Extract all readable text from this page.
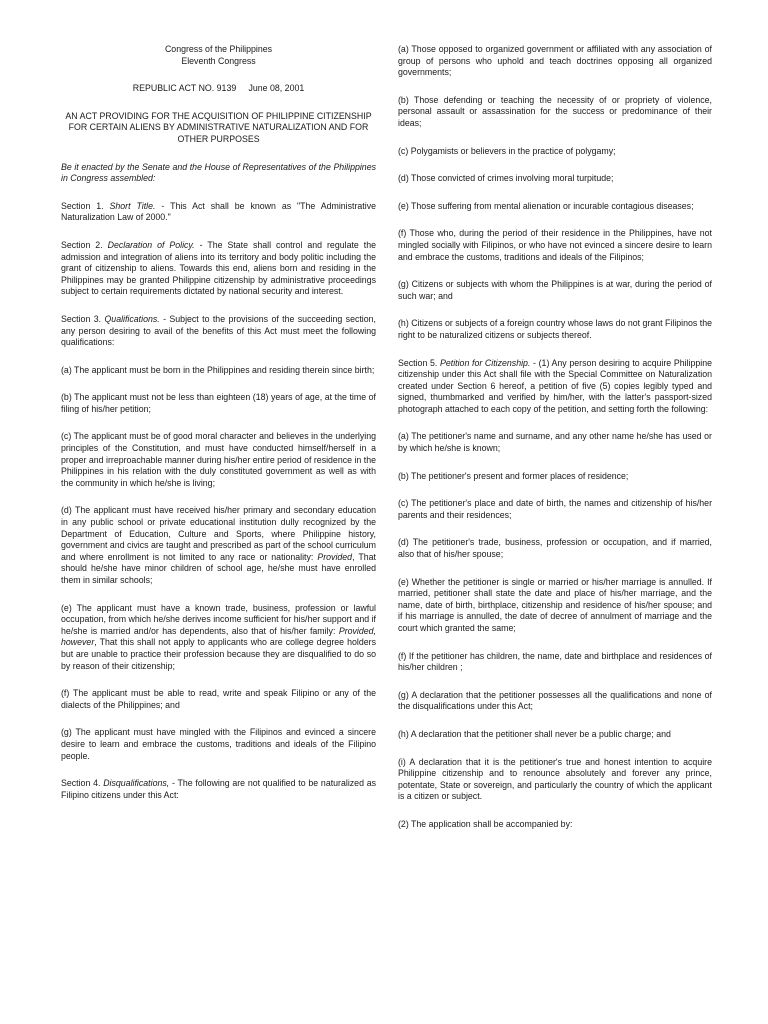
Congress of the Philippines

Eleventh Congress

REPUBLIC ACT NO. 9139 June 08, 2001

AN ACT PROVIDING FOR THE ACQUISITION OF PHILIPPINE CITIZENSHIP FOR CERTAIN ALIENS BY ADMINISTRATIVE NATURALIZATION AND FOR OTHER PURPOSES

Be it enacted by the Senate and the House of Representatives of the Philippines in Congress assembled:

Section 1. Short Title. - This Act shall be known as "The Administrative Naturalization Law of 2000."

Section 2. Declaration of Policy. - The State shall control and regulate the admission and integration of aliens into its territory and body politic including the grant of citizenship to aliens. Towards this end, aliens born and residing in the Philippines may be granted Philippine citizenship by administrative proceedings subject to certain requirements dictated by national security and interest.

Section 3. Qualifications. - Subject to the provisions of the succeeding section, any person desiring to avail of the benefits of this Act must meet the following qualifications:

(a) The applicant must be born in the Philippines and residing therein since birth;

(b) The applicant must not be less than eighteen (18) years of age, at the time of filing of his/her petition;

(c) The applicant must be of good moral character and believes in the underlying principles of the Constitution, and must have conducted himself/herself in a proper and irreproachable manner during his/her entire period of residence in the Philippines in his relation with the duly constituted government as well as with the community in which he/she is living;

(d) The applicant must have received his/her primary and secondary education in any public school or private educational institution dully recognized by the Department of Education, Culture and Sports, where Philippine history, government and civics are taught and prescribed as part of the school curriculum and where enrollment is not limited to any race or nationality: Provided, That should he/she have minor children of school age, he/she must have enrolled them in similar schools;

(e) The applicant must have a known trade, business, profession or lawful occupation, from which he/she derives income sufficient for his/her support and if he/she is married and/or has dependents, also that of his/her family: Provided, however, That this shall not apply to applicants who are college degree holders but are unable to practice their profession because they are disqualified to do so by reason of their citizenship;

(f) The applicant must be able to read, write and speak Filipino or any of the dialects of the Philippines; and

(g) The applicant must have mingled with the Filipinos and evinced a sincere desire to learn and embrace the customs, traditions and ideals of the Filipino people.

Section 4. Disqualifications, - The following are not qualified to be naturalized as Filipino citizens under this Act:

(a) Those opposed to organized government or affiliated with any association of group of persons who uphold and teach doctrines opposing all organized governments;

(b) Those defending or teaching the necessity of or propriety of violence, personal assault or assassination for the success or predominance of their ideas;

(c) Polygamists or believers in the practice of polygamy;

(d) Those convicted of crimes involving moral turpitude;

(e) Those suffering from mental alienation or incurable contagious diseases;

(f) Those who, during the period of their residence in the Philippines, have not mingled socially with Filipinos, or who have not evinced a sincere desire to learn and embrace the customs, traditions and ideals of the Filipinos;

(g) Citizens or subjects with whom the Philippines is at war, during the period of such war; and

(h) Citizens or subjects of a foreign country whose laws do not grant Filipinos the right to be naturalized citizens or subjects thereof.

Section 5. Petition for Citizenship. - (1) Any person desiring to acquire Philippine citizenship under this Act shall file with the Special Committee on Naturalization created under Section 6 hereof, a petition of five (5) copies legibly typed and signed, thumbmarked and verified by him/her, with the latter's passport-sized photograph attached to each copy of the petition, and setting forth the following:

(a) The petitioner's name and surname, and any other name he/she has used or by which he/she is known;

(b) The petitioner's present and former places of residence;

(c) The petitioner's place and date of birth, the names and citizenship of his/her parents and their residences;

(d) The petitioner's trade, business, profession or occupation, and if married, also that of his/her spouse;

(e) Whether the petitioner is single or married or his/her marriage is annulled. If married, petitioner shall state the date and place of his/her marriage, and the name, date of birth, birthplace, citizenship and residence of his/her spouse; and if his marriage is annulled, the date of decree of annulment of marriage and the court which granted the same;

(f) If the petitioner has children, the name, date and birthplace and residences of his/her children ;

(g) A declaration that the petitioner possesses all the qualifications and none of the disqualifications under this Act;

(h) A declaration that the petitioner shall never be a public charge; and

(i) A declaration that it is the petitioner's true and honest intention to acquire Philippine citizenship and to renounce absolutely and forever any prince, potentate, State or sovereign, and particularly the country of which the applicant is a citizen or subject.

(2) The application shall be accompanied by:
